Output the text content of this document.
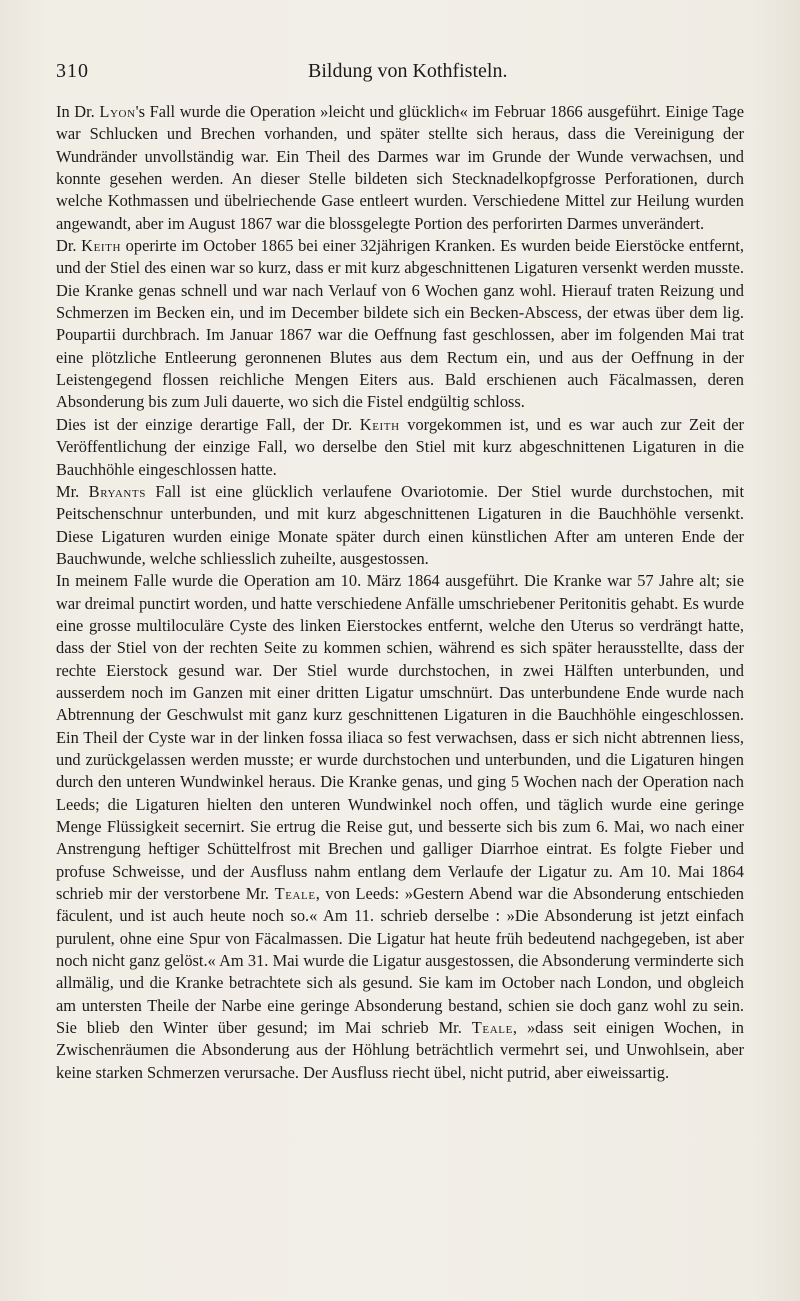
310	Bildung von Kothfisteln.

In Dr. Lyon's Fall wurde die Operation »leicht und glücklich« im Februar 1866 ausgeführt. Einige Tage war Schlucken und Brechen vorhanden, und später stellte sich heraus, dass die Vereinigung der Wundränder unvollständig war. Ein Theil des Darmes war im Grunde der Wunde verwachsen, und konnte gesehen werden. An dieser Stelle bildeten sich Stecknadelkopfgrosse Perforationen, durch welche Kothmassen und übelriechende Gase entleert wurden. Verschiedene Mittel zur Heilung wurden angewandt, aber im August 1867 war die blossgelegte Portion des perforirten Darmes unverändert.

Dr. Keith operirte im October 1865 bei einer 32jährigen Kranken. Es wurden beide Eierstöcke entfernt, und der Stiel des einen war so kurz, dass er mit kurz abgeschnittenen Ligaturen versenkt werden musste. Die Kranke genas schnell und war nach Verlauf von 6 Wochen ganz wohl. Hierauf traten Reizung und Schmerzen im Becken ein, und im December bildete sich ein Becken-Abscess, der etwas über dem lig. Poupartii durchbrach. Im Januar 1867 war die Oeffnung fast geschlossen, aber im folgenden Mai trat eine plötzliche Entleerung geronnenen Blutes aus dem Rectum ein, und aus der Oeffnung in der Leistengegend flossen reichliche Mengen Eiters aus. Bald erschienen auch Fäcalmassen, deren Absonderung bis zum Juli dauerte, wo sich die Fistel endgültig schloss.

Dies ist der einzige derartige Fall, der Dr. Keith vorgekommen ist, und es war auch zur Zeit der Veröffentlichung der einzige Fall, wo derselbe den Stiel mit kurz abgeschnittenen Ligaturen in die Bauchhöhle eingeschlossen hatte.

Mr. Bryants Fall ist eine glücklich verlaufene Ovariotomie. Der Stiel wurde durchstochen, mit Peitschenschnur unterbunden, und mit kurz abgeschnittenen Ligaturen in die Bauchhöhle versenkt. Diese Ligaturen wurden einige Monate später durch einen künstlichen After am unteren Ende der Bauchwunde, welche schliesslich zuheilte, ausgestossen.

In meinem Falle wurde die Operation am 10. März 1864 ausgeführt. Die Kranke war 57 Jahre alt; sie war dreimal punctirt worden, und hatte verschiedene Anfälle umschriebener Peritonitis gehabt. Es wurde eine grosse multiloculäre Cyste des linken Eierstockes entfernt, welche den Uterus so verdrängt hatte, dass der Stiel von der rechten Seite zu kommen schien, während es sich später herausstellte, dass der rechte Eierstock gesund war. Der Stiel wurde durchstochen, in zwei Hälften unterbunden, und ausserdem noch im Ganzen mit einer dritten Ligatur umschnürt. Das unterbundene Ende wurde nach Abtrennung der Geschwulst mit ganz kurz geschnittenen Ligaturen in die Bauchhöhle eingeschlossen. Ein Theil der Cyste war in der linken fossa iliaca so fest verwachsen, dass er sich nicht abtrennen liess, und zurückgelassen werden musste; er wurde durchstochen und unterbunden, und die Ligaturen hingen durch den unteren Wundwinkel heraus. Die Kranke genas, und ging 5 Wochen nach der Operation nach Leeds; die Ligaturen hielten den unteren Wundwinkel noch offen, und täglich wurde eine geringe Menge Flüssigkeit secernirt. Sie ertrug die Reise gut, und besserte sich bis zum 6. Mai, wo nach einer Anstrengung heftiger Schüttelfrost mit Brechen und galliger Diarrhoe eintrat. Es folgte Fieber und profuse Schweisse, und der Ausfluss nahm entlang dem Verlaufe der Ligatur zu. Am 10. Mai 1864 schrieb mir der verstorbene Mr. Teale, von Leeds: »Gestern Abend war die Absonderung entschieden fäculent, und ist auch heute noch so.« Am 11. schrieb derselbe : »Die Absonderung ist jetzt einfach purulent, ohne eine Spur von Fäcalmassen. Die Ligatur hat heute früh bedeutend nachgegeben, ist aber noch nicht ganz gelöst.« Am 31. Mai wurde die Ligatur ausgestossen, die Absonderung verminderte sich allmälig, und die Kranke betrachtete sich als gesund. Sie kam im October nach London, und obgleich am untersten Theile der Narbe eine geringe Absonderung bestand, schien sie doch ganz wohl zu sein. Sie blieb den Winter über gesund; im Mai schrieb Mr. Teale, »dass seit einigen Wochen, in Zwischenräumen die Absonderung aus der Höhlung beträchtlich vermehrt sei, und Unwohlsein, aber keine starken Schmerzen verursache. Der Ausfluss riecht übel, nicht putrid, aber eiweissartig.
